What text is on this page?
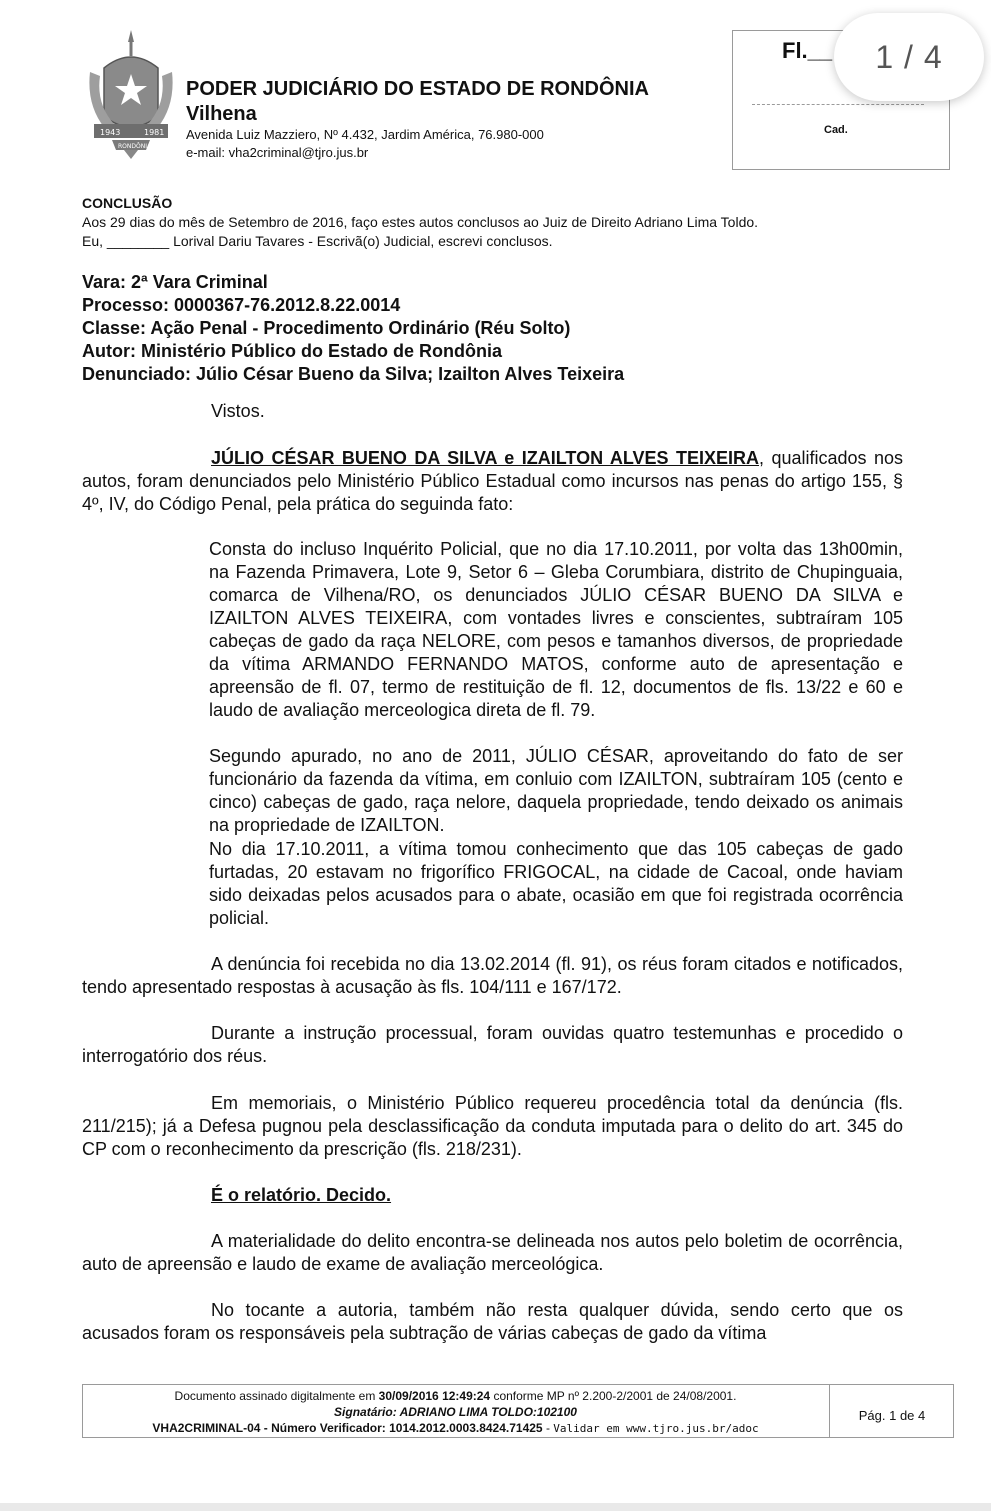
1943	1981
RONDÔNIA
PODER JUDICIÁRIO DO ESTADO DE RONDÔNIA
Vilhena
Avenida Luiz Mazziero, Nº 4.432, Jardim América, 76.980-000
e-mail: vha2criminal@tjro.jus.br
Fl.__
Cad.
1 / 4
CONCLUSÃO
Aos 29 dias do mês de Setembro de 2016, faço estes autos conclusos ao Juiz de Direito Adriano Lima Toldo.
Eu, ________ Lorival Dariu Tavares - Escrivã(o) Judicial, escrevi conclusos.
Vara: 2ª Vara Criminal
Processo: 0000367-76.2012.8.22.0014
Classe: Ação Penal - Procedimento Ordinário (Réu Solto)
Autor: Ministério Público do Estado de Rondônia
Denunciado: Júlio César Bueno da Silva; Izailton Alves Teixeira

Vistos.

JÚLIO CÉSAR BUENO DA SILVA e IZAILTON ALVES TEIXEIRA, qualificados nos autos, foram denunciados pelo Ministério Público Estadual como incursos nas penas do artigo 155, § 4º, IV, do Código Penal, pela prática do seguinda fato:

Consta do incluso Inquérito Policial, que no dia 17.10.2011, por volta das 13h00min, na Fazenda Primavera, Lote 9, Setor 6 – Gleba Corumbiara, distrito de Chupinguaia, comarca de Vilhena/RO, os denunciados JÚLIO CÉSAR BUENO DA SILVA e IZAILTON ALVES TEIXEIRA, com vontades livres e conscientes, subtraíram 105 cabeças de gado da raça NELORE, com pesos e tamanhos diversos, de propriedade da vítima ARMANDO FERNANDO MATOS, conforme auto de apresentação e apreensão de fl. 07, termo de restituição de fl. 12, documentos de fls. 13/22 e 60 e laudo de avaliação merceologica direta de fl. 79.

Segundo apurado, no ano de 2011, JÚLIO CÉSAR, aproveitando do fato de ser funcionário da fazenda da vítima, em conluio com IZAILTON, subtraíram 105 (cento e cinco) cabeças de gado, raça nelore, daquela propriedade, tendo deixado os animais na propriedade de IZAILTON.

No dia 17.10.2011, a vítima tomou conhecimento que das 105 cabeças de gado furtadas, 20 estavam no frigorífico FRIGOCAL, na cidade de Cacoal, onde haviam sido deixadas pelos acusados para o abate, ocasião em que foi registrada ocorrência policial.

A denúncia foi recebida no dia 13.02.2014 (fl. 91), os réus foram citados e notificados, tendo apresentado respostas à acusação às fls. 104/111 e 167/172.

Durante a instrução processual, foram ouvidas quatro testemunhas e procedido o interrogatório dos réus.

Em memoriais, o Ministério Público requereu procedência total da denúncia (fls. 211/215); já a Defesa pugnou pela desclassificação da conduta imputada para o delito do art. 345 do CP com o reconhecimento da prescrição (fls. 218/231).

É o relatório. Decido.

A materialidade do delito encontra-se delineada nos autos pelo boletim de ocorrência, auto de apreensão e laudo de exame de avaliação merceológica.

No tocante a autoria, também não resta qualquer dúvida, sendo certo que os acusados foram os responsáveis pela subtração de várias cabeças de gado da vítima

Documento assinado digitalmente em 30/09/2016 12:49:24 conforme MP nº 2.200-2/2001 de 24/08/2001.
Signatário: ADRIANO LIMA TOLDO:102100
VHA2CRIMINAL-04 - Número Verificador: 1014.2012.0003.8424.71425 - Validar em www.tjro.jus.br/adoc
Pág. 1 de 4
